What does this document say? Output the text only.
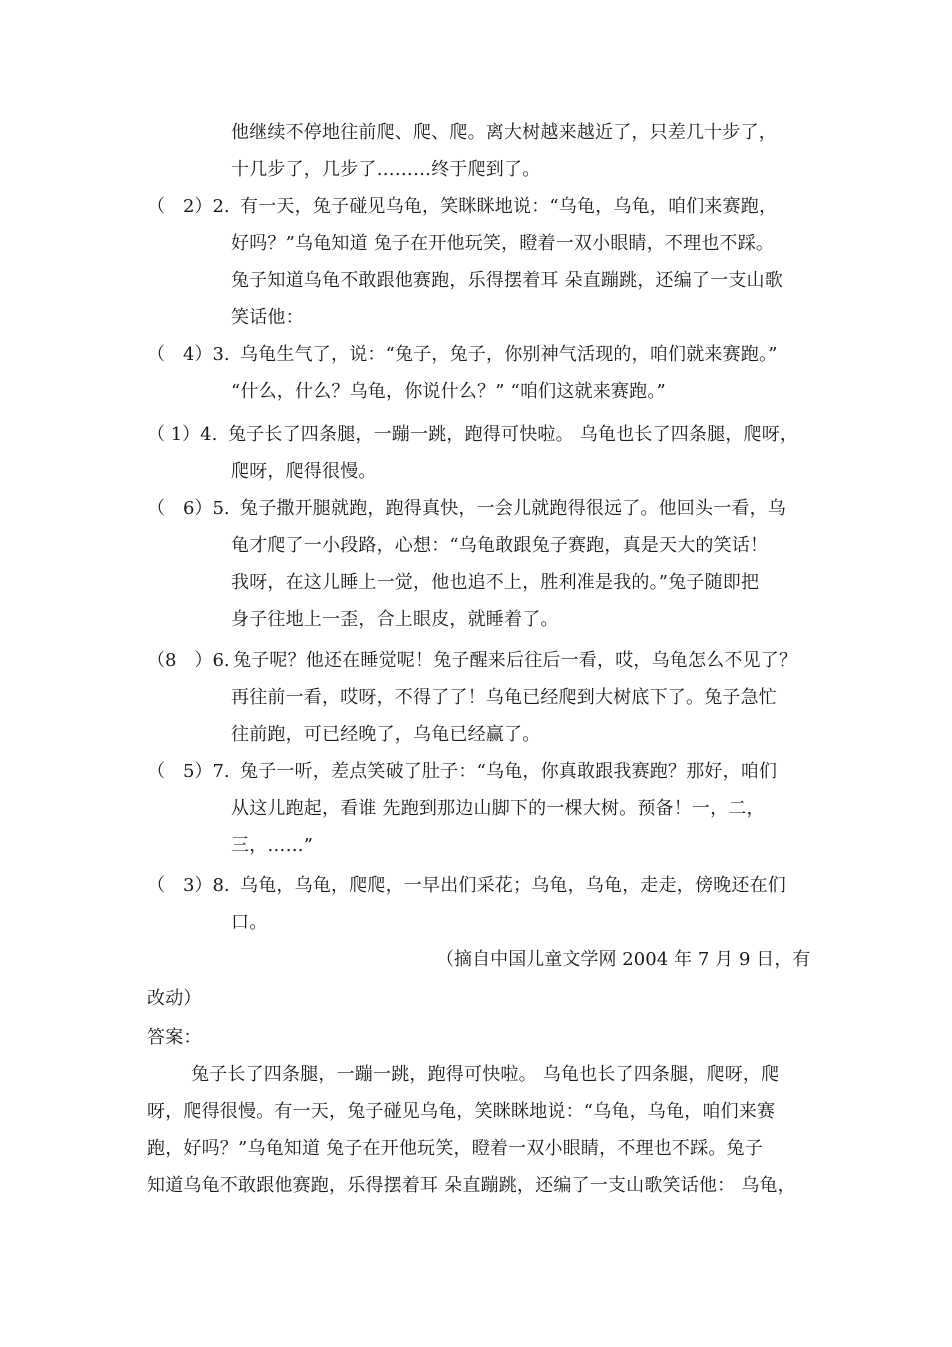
他继续不停地往前爬、爬、爬。离大树越来越近了，只差几十步了，
十几步了，几步了………终于爬到了。
（　2）2. 有一天，兔子碰见乌龟，笑眯眯地说：“乌龟，乌龟，咱们来赛跑，
好吗？”乌龟知道 兔子在开他玩笑，瞪着一双小眼睛，不理也不踩。
兔子知道乌龟不敢跟他赛跑，乐得摆着耳 朵直蹦跳，还编了一支山歌
笑话他：
（　4）3. 乌龟生气了，说：“兔子，兔子，你别神气活现的，咱们就来赛跑。”
“什么，什么？乌龟，你说什么？” “咱们这就来赛跑。”
（ 1）4. 兔子长了四条腿，一蹦一跳，跑得可快啦。 乌龟也长了四条腿，爬呀，
爬呀，爬得很慢。
（　6）5. 兔子撒开腿就跑，跑得真快，一会儿就跑得很远了。他回头一看，乌
龟才爬了一小段路，心想：“乌龟敢跟兔子赛跑，真是天大的笑话！
我呀，在这儿睡上一觉，他也追不上，胜利准是我的。”兔子随即把
身子往地上一歪，合上眼皮，就睡着了。
（8　）6. 兔子呢？他还在睡觉呢！兔子醒来后往后一看，哎，乌龟怎么不见了？
再往前一看，哎呀，不得了了！乌龟已经爬到大树底下了。兔子急忙
往前跑，可已经晚了，乌龟已经赢了。
（　5）7. 兔子一听，差点笑破了肚子：“乌龟，你真敢跟我赛跑？那好，咱们
从这儿跑起，看谁 先跑到那边山脚下的一棵大树。预备！一，二，
三，……”
（　3）8. 乌龟，乌龟，爬爬，一早出们采花；乌龟，乌龟，走走，傍晚还在们
口。
（摘自中国儿童文学网 2004 年 7 月 9 日，有
改动）
答案：
兔子长了四条腿，一蹦一跳，跑得可快啦。 乌龟也长了四条腿，爬呀，爬
呀，爬得很慢。有一天，兔子碰见乌龟，笑眯眯地说：“乌龟，乌龟，咱们来赛
跑，好吗？”乌龟知道 兔子在开他玩笑，瞪着一双小眼睛，不理也不踩。兔子
知道乌龟不敢跟他赛跑，乐得摆着耳 朵直蹦跳，还编了一支山歌笑话他： 乌龟，
